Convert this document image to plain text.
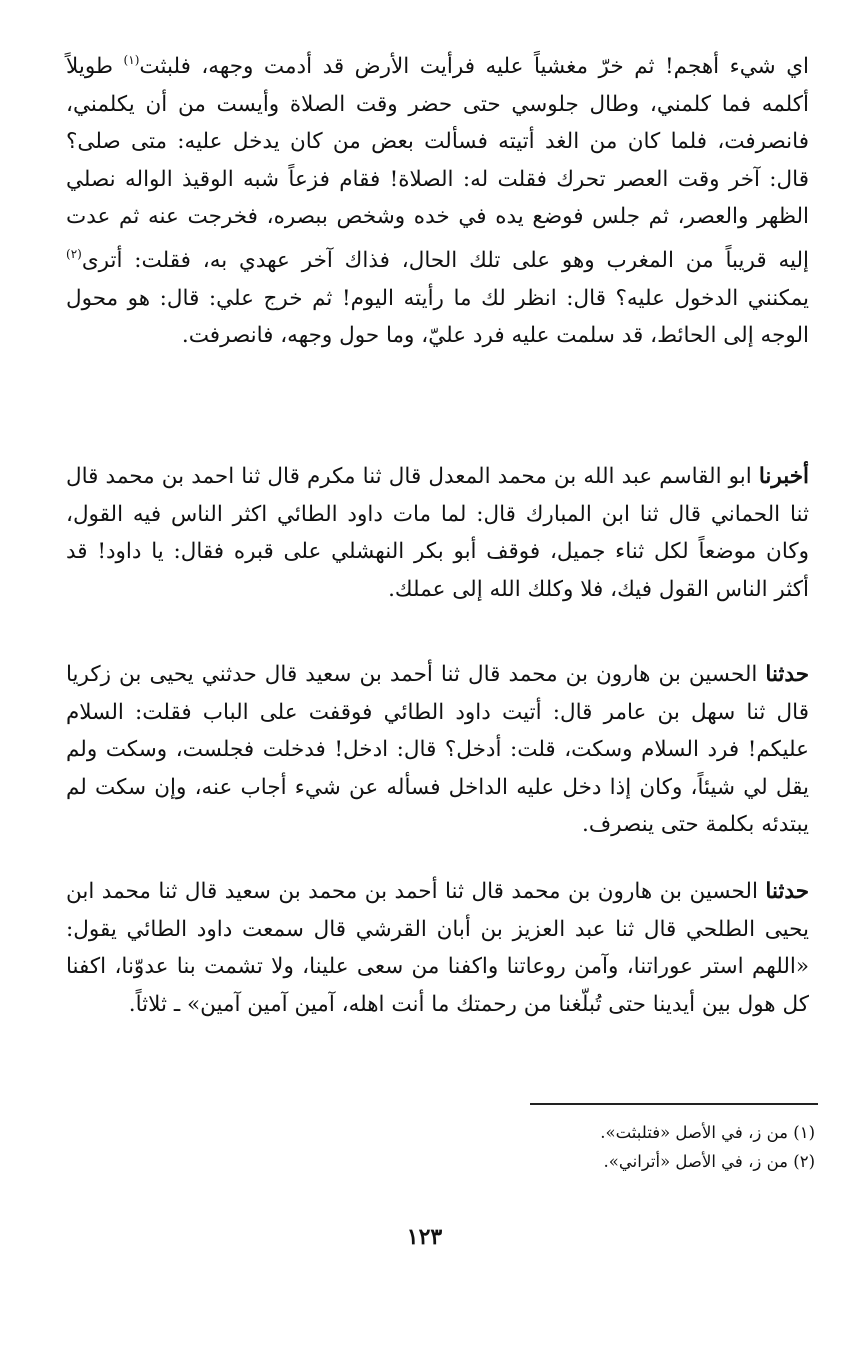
اي شيء أهجم! ثم خرّ مغشياً عليه فرأيت الأرض قد أدمت وجهه، فلبثت$^{(١)}$ طويلاً أكلمه فما كلمني، وطال جلوسي حتى حضر وقت الصلاة وأيست من أن يكلمني، فانصرفت، فلما كان من الغد أتيته فسألت بعض من كان يدخل عليه: متى صلى؟ قال: آخر وقت العصر تحرك فقلت له: الصلاة! فقام فزعاً شبه الوقيذ الواله نصلي الظهر والعصر، ثم جلس فوضع يده في خده وشخص ببصره، فخرجت عنه ثم عدت إليه قريباً من المغرب وهو على تلك الحال، فذاك آخر عهدي به، فقلت: أترى$^{(٢)}$ يمكنني الدخول عليه؟ قال: انظر لك ما رأيته اليوم! ثم خرج علي: قال: هو محول الوجه إلى الحائط، قد سلمت عليه فرد عليّ، وما حول وجهه، فانصرفت.

أخبرنا ابو القاسم عبد الله بن محمد المعدل قال ثنا مكرم قال ثنا احمد بن محمد قال ثنا الحماني قال ثنا ابن المبارك قال: لما مات داود الطائي اكثر الناس فيه القول، وكان موضعاً لكل ثناء جميل، فوقف أبو بكر النهشلي على قبره فقال: يا داود! قد أكثر الناس القول فيك، فلا وكلك الله إلى عملك.

حدثنا الحسين بن هارون بن محمد قال ثنا أحمد بن سعيد قال حدثني يحيى بن زكريا قال ثنا سهل بن عامر قال: أتيت داود الطائي فوقفت على الباب فقلت: السلام عليكم! فرد السلام وسكت، قلت: أدخل؟ قال: ادخل! فدخلت فجلست، وسكت ولم يقل لي شيئاً، وكان إذا دخل عليه الداخل فسأله عن شيء أجاب عنه، وإن سكت لم يبتدئه بكلمة حتى ينصرف.

حدثنا الحسين بن هارون بن محمد قال ثنا أحمد بن محمد بن سعيد قال ثنا محمد ابن يحيى الطلحي قال ثنا عبد العزيز بن أبان القرشي قال سمعت داود الطائي يقول: «اللهم استر عوراتنا، وآمن روعاتنا واكفنا من سعى علينا، ولا تشمت بنا عدوّنا، اكفنا كل هول بين أيدينا حتى تُبلّغنا من رحمتك ما أنت اهله، آمين آمين آمين» ـ ثلاثاً.

(١) من ز، في الأصل «فتلبثت».

(٢) من ز، في الأصل «أتراني».

١٢٣
